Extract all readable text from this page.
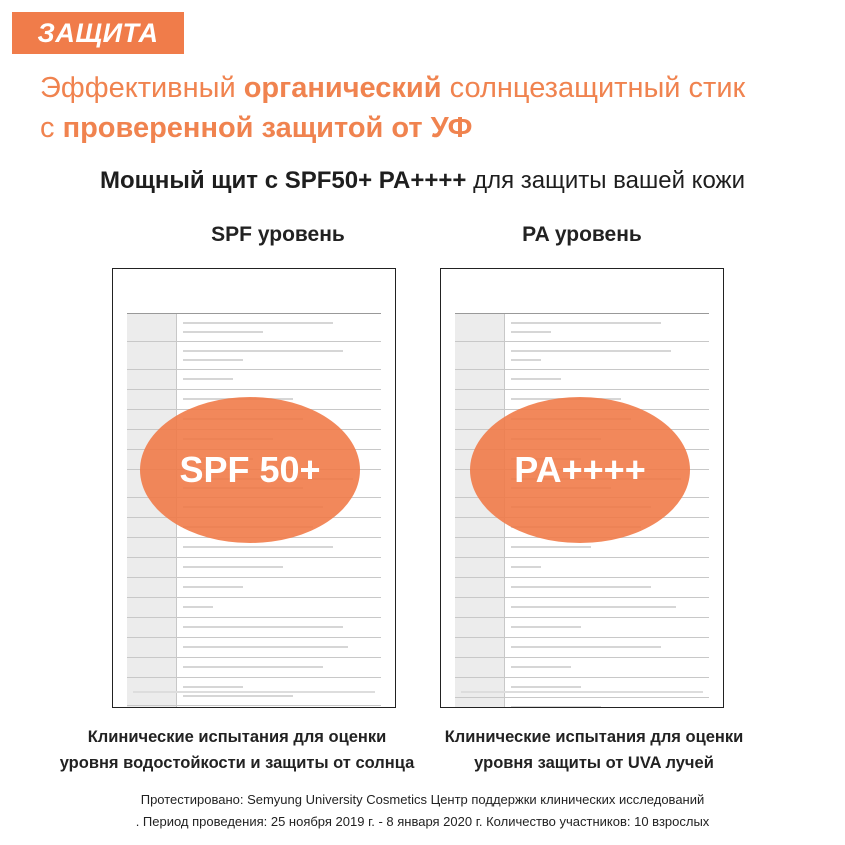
ЗАЩИТА
Эффективный органический солнцезащитный стик
с проверенной защитой от УФ
Мощный щит с SPF50+ PA++++ для защиты вашей кожи
SPF уровень	PA уровень
SPF 50+	PA++++
Клинические испытания для оценки
уровня водостойкости и защиты от солнца
Клинические испытания для оценки
уровня защиты от UVA лучей
Протестировано: Semyung University Cosmetics Центр поддержки клинических исследований
. Период проведения: 25 ноября 2019 г. - 8 января 2020 г. Количество участников: 10 взрослых
